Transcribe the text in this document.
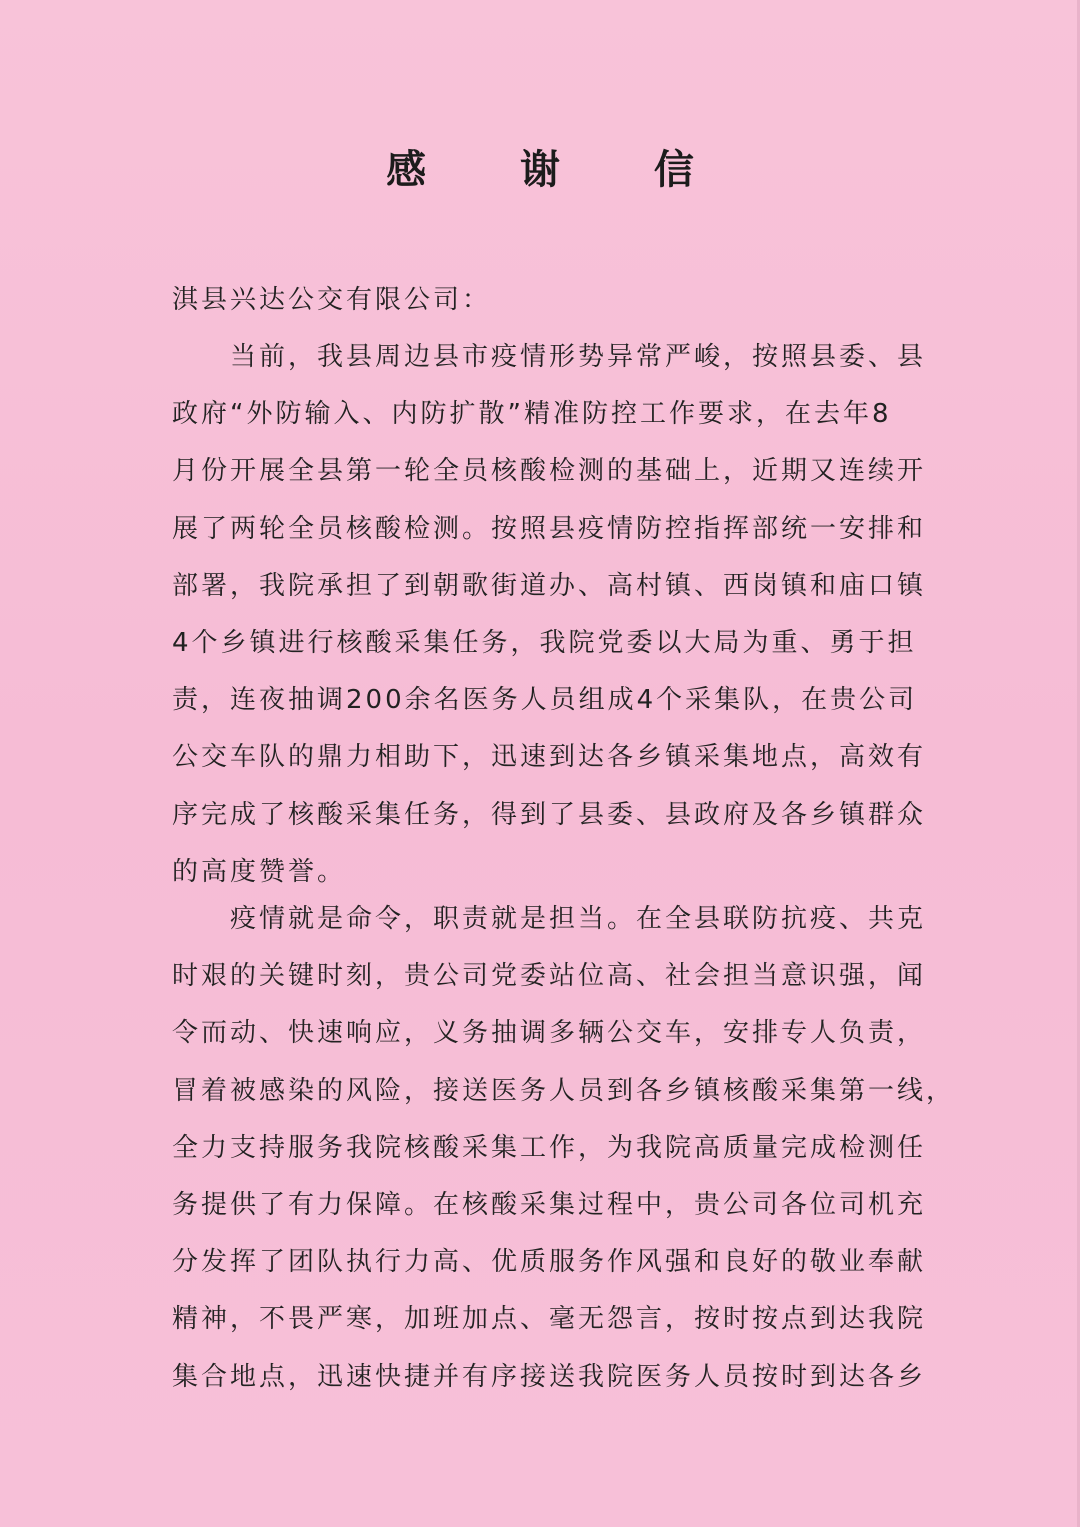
感 谢 信
淇县兴达公交有限公司：
当前，我县周边县市疫情形势异常严峻，按照县委、县
政府“外防输入、内防扩散”精准防控工作要求，在去年8
月份开展全县第一轮全员核酸检测的基础上，近期又连续开
展了两轮全员核酸检测。按照县疫情防控指挥部统一安排和
部署，我院承担了到朝歌街道办、高村镇、西岗镇和庙口镇
4个乡镇进行核酸采集任务，我院党委以大局为重、勇于担
责，连夜抽调200余名医务人员组成4个采集队，在贵公司
公交车队的鼎力相助下，迅速到达各乡镇采集地点，高效有
序完成了核酸采集任务，得到了县委、县政府及各乡镇群众
的高度赞誉。
疫情就是命令，职责就是担当。在全县联防抗疫、共克
时艰的关键时刻，贵公司党委站位高、社会担当意识强，闻
令而动、快速响应，义务抽调多辆公交车，安排专人负责，
冒着被感染的风险，接送医务人员到各乡镇核酸采集第一线，
全力支持服务我院核酸采集工作，为我院高质量完成检测任
务提供了有力保障。在核酸采集过程中，贵公司各位司机充
分发挥了团队执行力高、优质服务作风强和良好的敬业奉献
精神，不畏严寒，加班加点、毫无怨言，按时按点到达我院
集合地点，迅速快捷并有序接送我院医务人员按时到达各乡
